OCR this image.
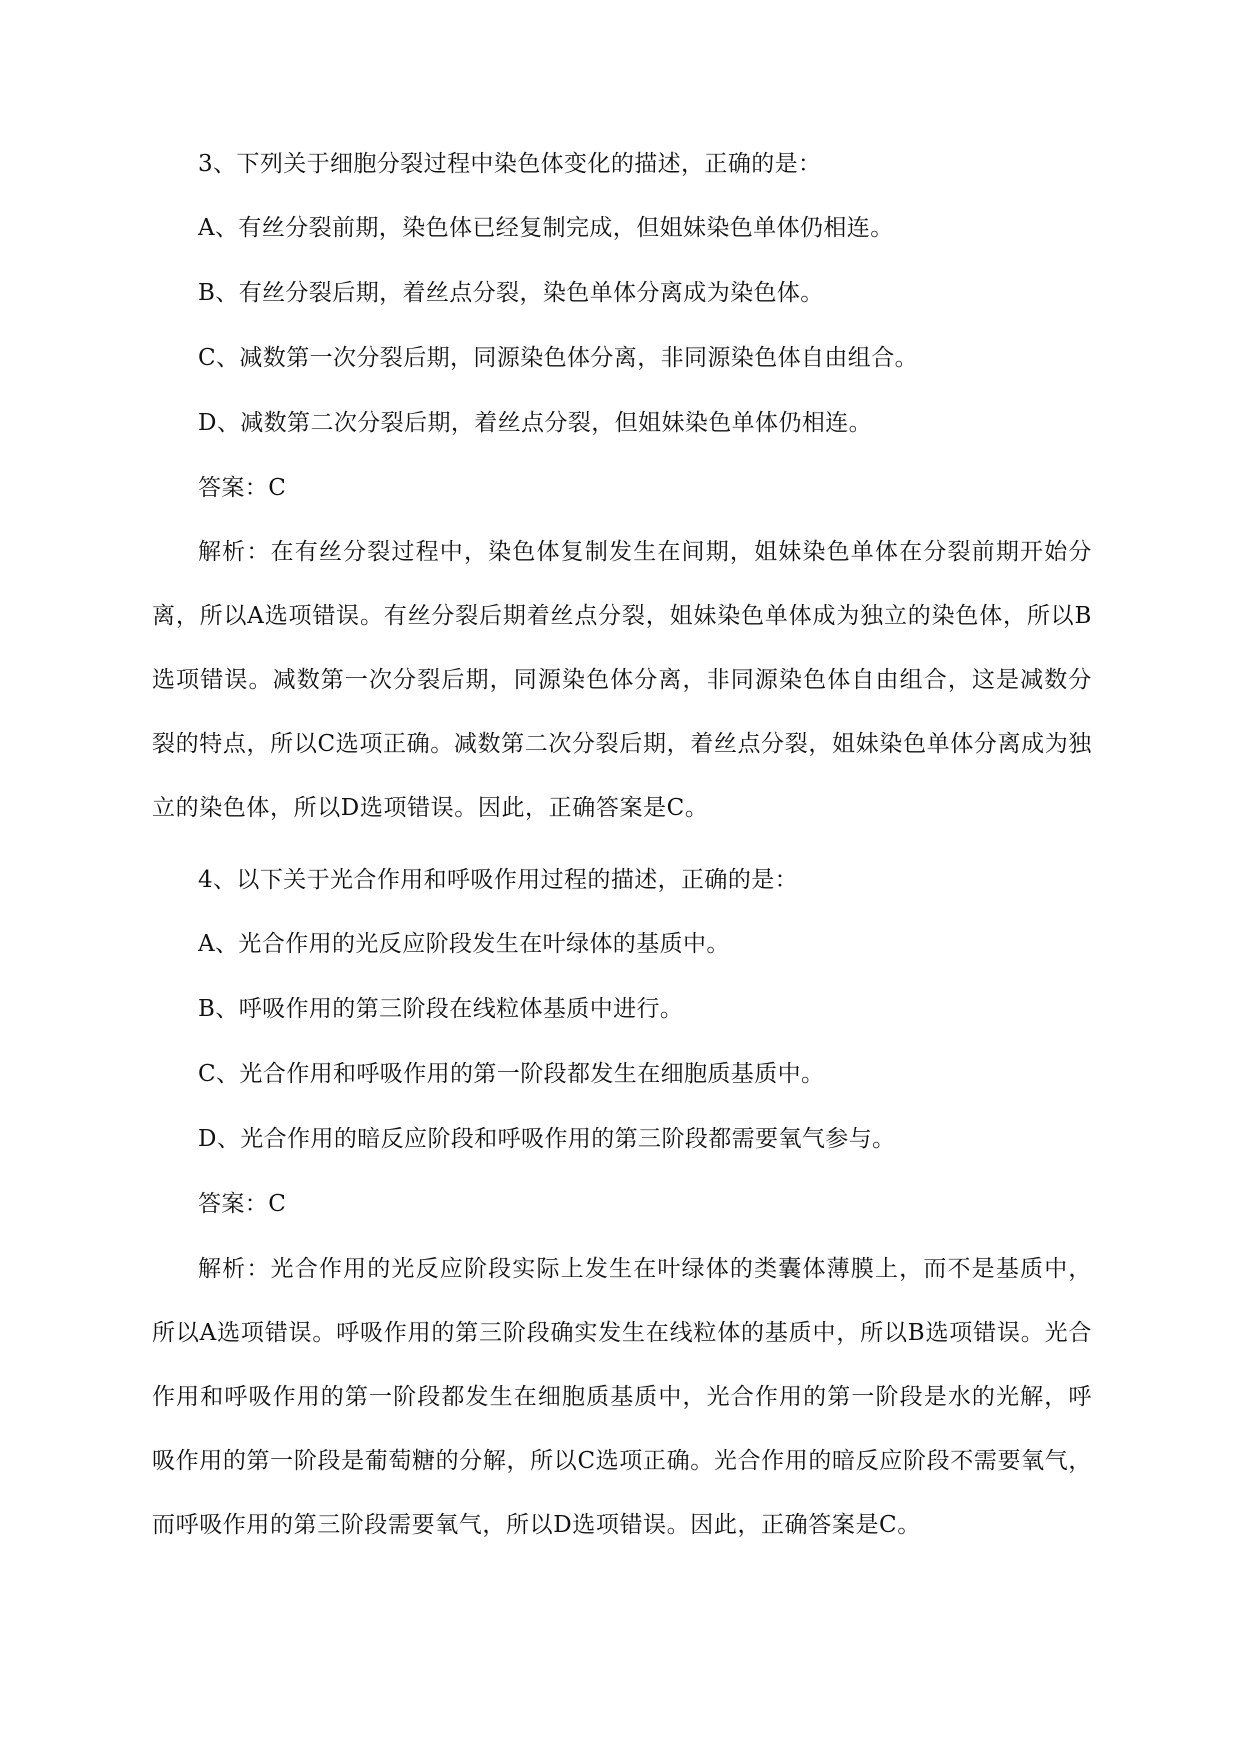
3、下列关于细胞分裂过程中染色体变化的描述，正确的是：
A、有丝分裂前期，染色体已经复制完成，但姐妹染色单体仍相连。
B、有丝分裂后期，着丝点分裂，染色单体分离成为染色体。
C、减数第一次分裂后期，同源染色体分离，非同源染色体自由组合。
D、减数第二次分裂后期，着丝点分裂，但姐妹染色单体仍相连。
答案：C
解析：在有丝分裂过程中，染色体复制发生在间期，姐妹染色单体在分裂前期开始分离，所以A选项错误。有丝分裂后期着丝点分裂，姐妹染色单体成为独立的染色体，所以B选项错误。减数第一次分裂后期，同源染色体分离，非同源染色体自由组合，这是减数分裂的特点，所以C选项正确。减数第二次分裂后期，着丝点分裂，姐妹染色单体分离成为独立的染色体，所以D选项错误。因此，正确答案是C。
4、以下关于光合作用和呼吸作用过程的描述，正确的是：
A、光合作用的光反应阶段发生在叶绿体的基质中。
B、呼吸作用的第三阶段在线粒体基质中进行。
C、光合作用和呼吸作用的第一阶段都发生在细胞质基质中。
D、光合作用的暗反应阶段和呼吸作用的第三阶段都需要氧气参与。
答案：C
解析：光合作用的光反应阶段实际上发生在叶绿体的类囊体薄膜上，而不是基质中，所以A选项错误。呼吸作用的第三阶段确实发生在线粒体的基质中，所以B选项错误。光合作用和呼吸作用的第一阶段都发生在细胞质基质中，光合作用的第一阶段是水的光解，呼吸作用的第一阶段是葡萄糖的分解，所以C选项正确。光合作用的暗反应阶段不需要氧气，而呼吸作用的第三阶段需要氧气，所以D选项错误。因此，正确答案是C。
